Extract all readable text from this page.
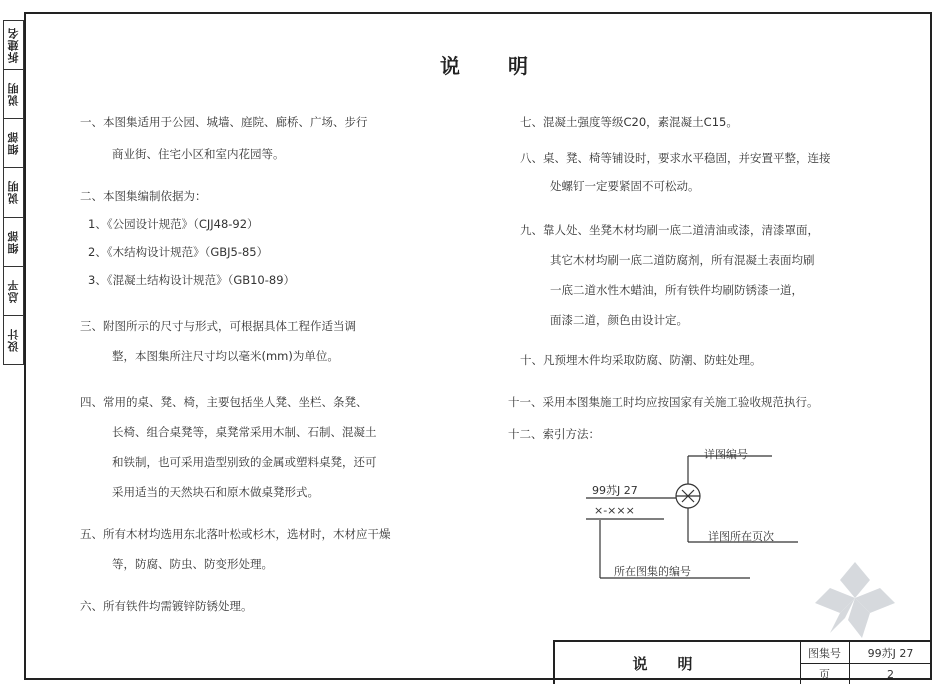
拆建名
说明
细部
说明
细部
总平
设计
说明
一、本图集适用于公园、城墙、庭院、廊桥、广场、步行
商业街、住宅小区和室内花园等。
二、本图集编制依据为：
1、《公园设计规范》（CJJ48-92）
2、《木结构设计规范》（GBJ5-85）
3、《混凝土结构设计规范》（GB10-89）
三、附图所示的尺寸与形式，可根据具体工程作适当调
整，本图集所注尺寸均以毫米(mm)为单位。
四、常用的桌、凳、椅，主要包括坐人凳、坐栏、条凳、
长椅、组合桌凳等，桌凳常采用木制、石制、混凝土
和铁制，也可采用造型别致的金属或塑料桌凳，还可
采用适当的天然块石和原木做桌凳形式。
五、所有木材均选用东北落叶松或杉木，选材时，木材应干燥
等，防腐、防虫、防变形处理。
六、所有铁件均需镀锌防锈处理。
七、混凝土强度等级C20，素混凝土C15。
八、桌、凳、椅等铺设时，要求水平稳固，并安置平整，连接
处螺钉一定要紧固不可松动。
九、靠人处、坐凳木材均刷一底二道清油或漆，清漆罩面，
其它木材均刷一底二道防腐剂，所有混凝土表面均刷
一底二道水性木蜡油，所有铁件均刷防锈漆一道，
面漆二道，颜色由设计定。
十、凡预埋木件均采取防腐、防潮、防蛀处理。
十一、采用本图集施工时均应按国家有关施工验收规范执行。
十二、索引方法：
详图编号
99苏J 27
×-×××
详图所在页次
所在图集的编号
说明
图集号	99苏J 27
页	2
